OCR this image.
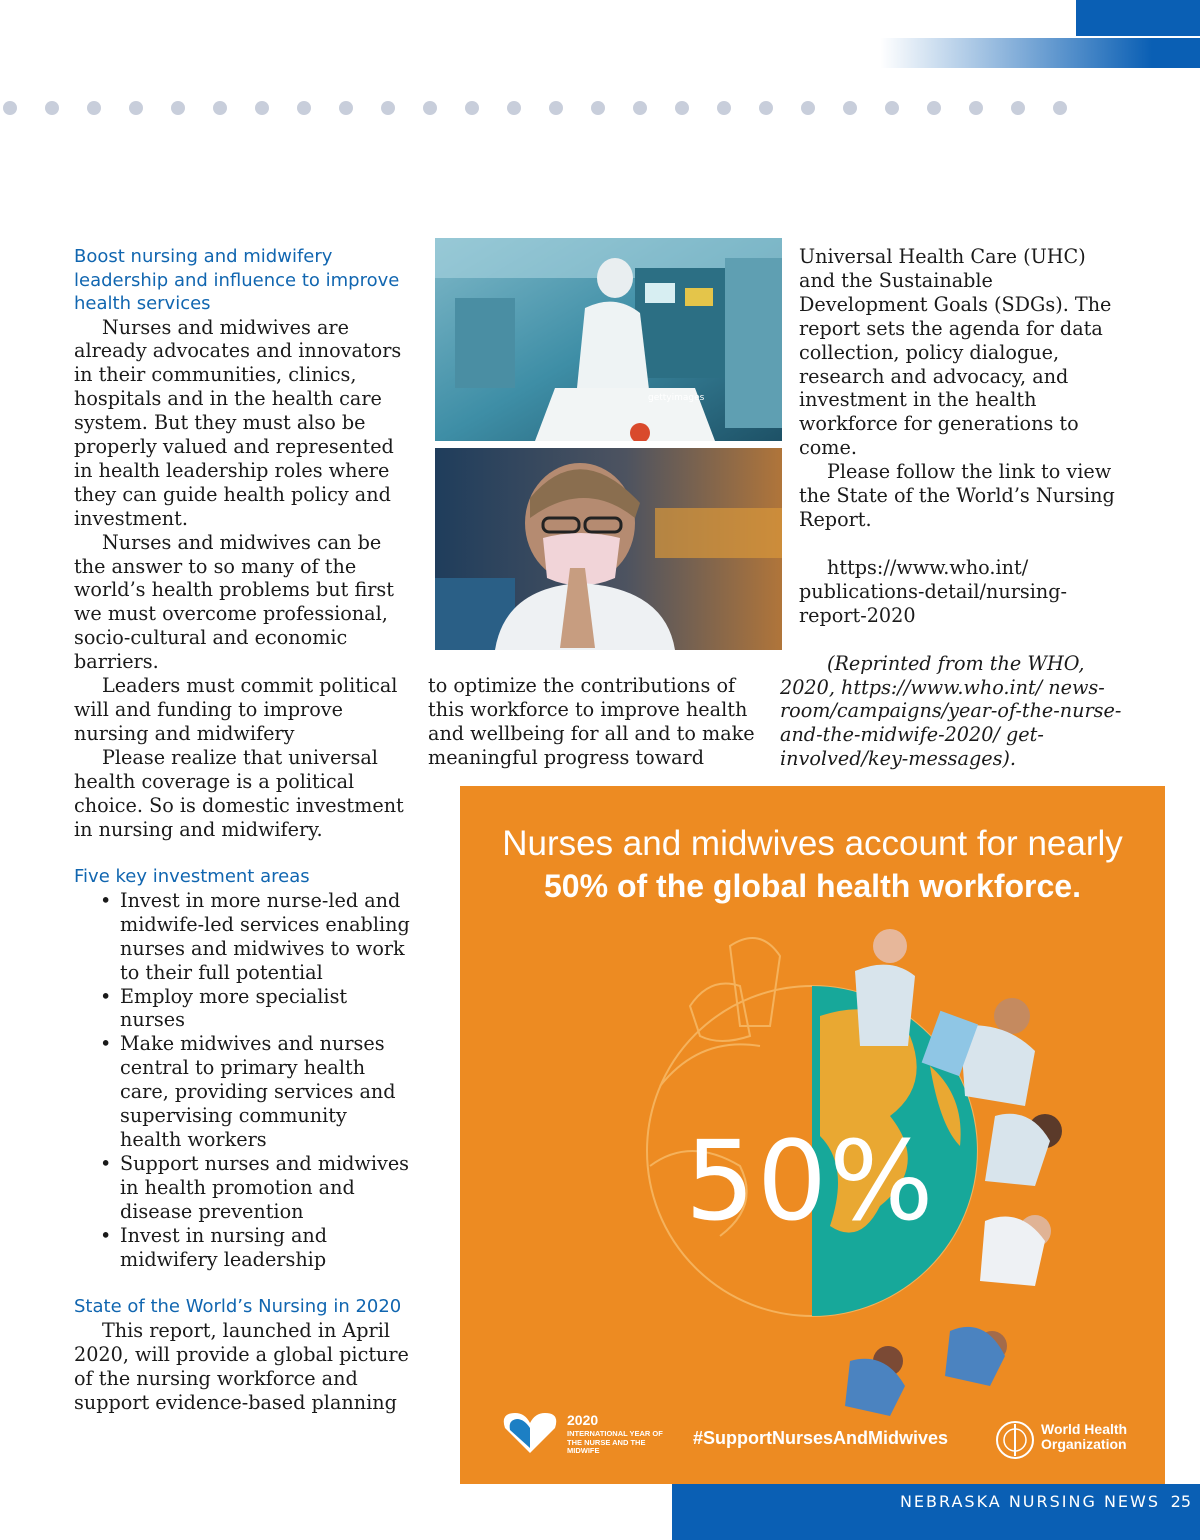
Boost nursing and midwifery leadership and influence to improve health services

Nurses and midwives are already advocates and innovators in their communities, clinics, hospitals and in the health care system. But they must also be properly valued and represented in health leadership roles where they can guide health policy and investment.

Nurses and midwives can be the answer to so many of the world’s health problems but first we must overcome professional, socio-cultural and economic barriers.

Leaders must commit political will and funding to improve nursing and midwifery

Please realize that universal health coverage is a political choice. So is domestic investment in nursing and midwifery.

Five key investment areas
• Invest in more nurse-led and midwife-led services enabling nurses and midwives to work to their full potential
• Employ more specialist nurses
• Make midwives and nurses central to primary health care, providing services and supervising community health workers
• Support nurses and midwives in health promotion and disease prevention
• Invest in nursing and midwifery leadership
State of the World’s Nursing in 2020

This report, launched in April 2020, will provide a global picture of the nursing workforce and support evidence-based planning

gettyimages
to optimize the contributions of this workforce to improve health and wellbeing for all and to make meaningful progress toward
Universal Health Care (UHC) and the Sustainable Development Goals (SDGs). The report sets the agenda for data collection, policy dialogue, research and advocacy, and investment in the health workforce for generations to come.

Please follow the link to view the State of the World’s Nursing Report.

https://www.who.int/ publications-detail/nursing-report-2020

(Reprinted from the WHO, 2020, https://www.who.int/ news-room/campaigns/year-of-the-nurse-and-the-midwife-2020/ get-involved/key-messages).

Nurses and midwives account for nearly
50% of the global health workforce.
50%
2020
INTERNATIONAL YEAR OF THE NURSE AND THE MIDWIFE
#SupportNursesAndMidwives	World Health Organization
NEBRASKA NURSING NEWS 25
